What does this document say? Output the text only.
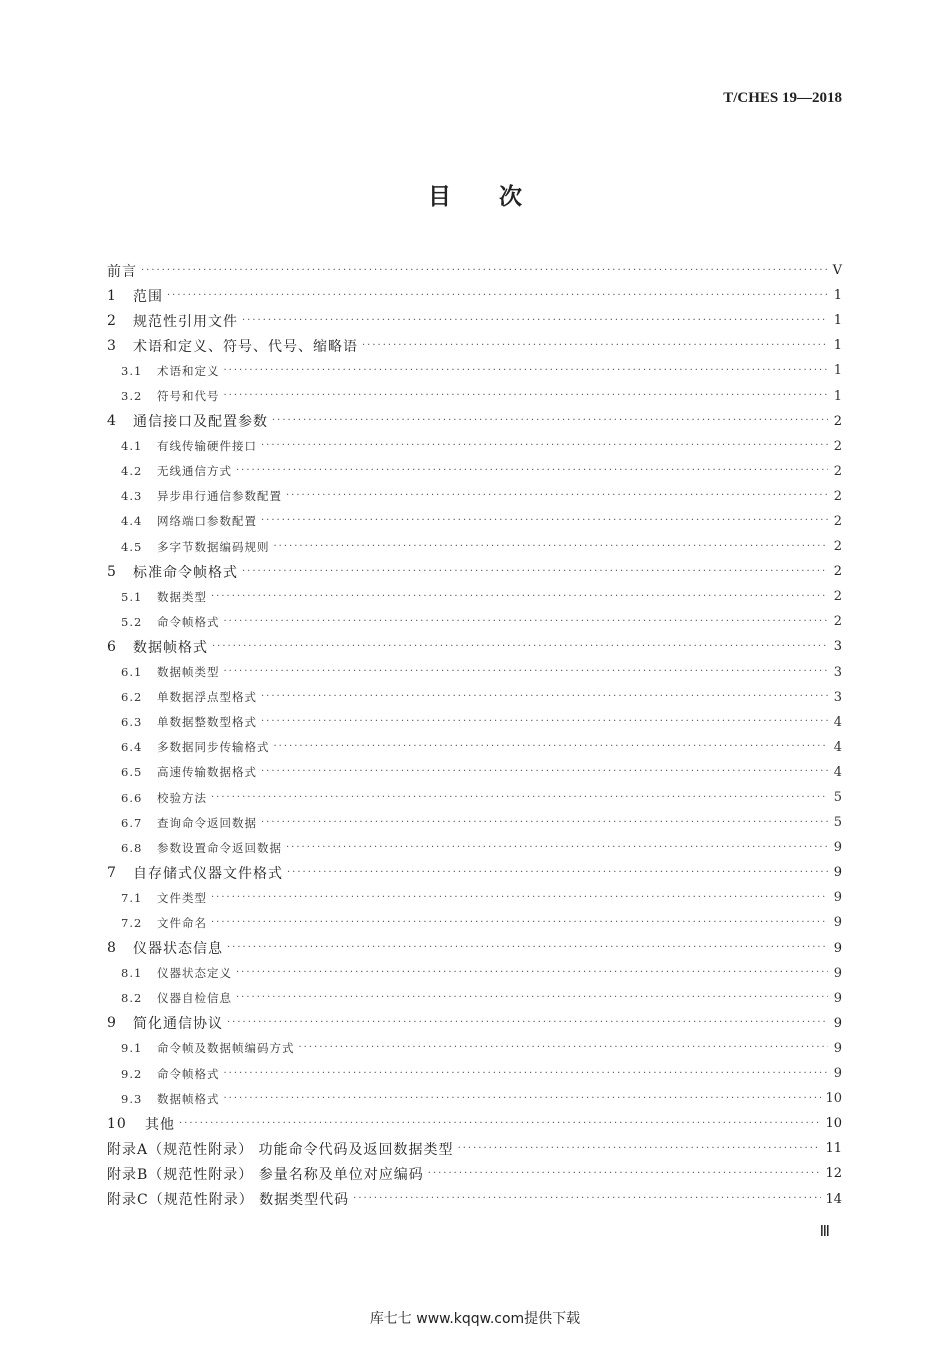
T/CHES 19—2018
目次
前言 ·····	V
1	范围 ·····	1
2	规范性引用文件 ·····	1
3	术语和定义、符号、代号、缩略语 ·····	1
3.1	术语和定义 ·····	1
3.2	符号和代号 ·····	1
4	通信接口及配置参数 ·····	2
4.1	有线传输硬件接口 ·····	2
4.2	无线通信方式 ·····	2
4.3	异步串行通信参数配置 ·····	2
4.4	网络端口参数配置 ·····	2
4.5	多字节数据编码规则 ·····	2
5	标准命令帧格式 ·····	2
5.1	数据类型 ·····	2
5.2	命令帧格式 ·····	2
6	数据帧格式 ·····	3
6.1	数据帧类型 ·····	3
6.2	单数据浮点型格式 ·····	3
6.3	单数据整数型格式 ·····	4
6.4	多数据同步传输格式 ·····	4
6.5	高速传输数据格式 ·····	4
6.6	校验方法 ·····	5
6.7	查询命令返回数据 ·····	5
6.8	参数设置命令返回数据 ·····	9
7	自存储式仪器文件格式 ·····	9
7.1	文件类型 ·····	9
7.2	文件命名 ·····	9
8	仪器状态信息 ·····	9
8.1	仪器状态定义 ·····	9
8.2	仪器自检信息 ·····	9
9	简化通信协议 ·····	9
9.1	命令帧及数据帧编码方式 ·····	9
9.2	命令帧格式 ·····	9
9.3	数据帧格式 ·····	10
10	其他 ·····	10
附录A（规范性附录） 功能命令代码及返回数据类型 ·····	11
附录B（规范性附录） 参量名称及单位对应编码 ·····	12
附录C（规范性附录） 数据类型代码 ·····	14
Ⅲ
库七七 www.kqqw.com提供下载
